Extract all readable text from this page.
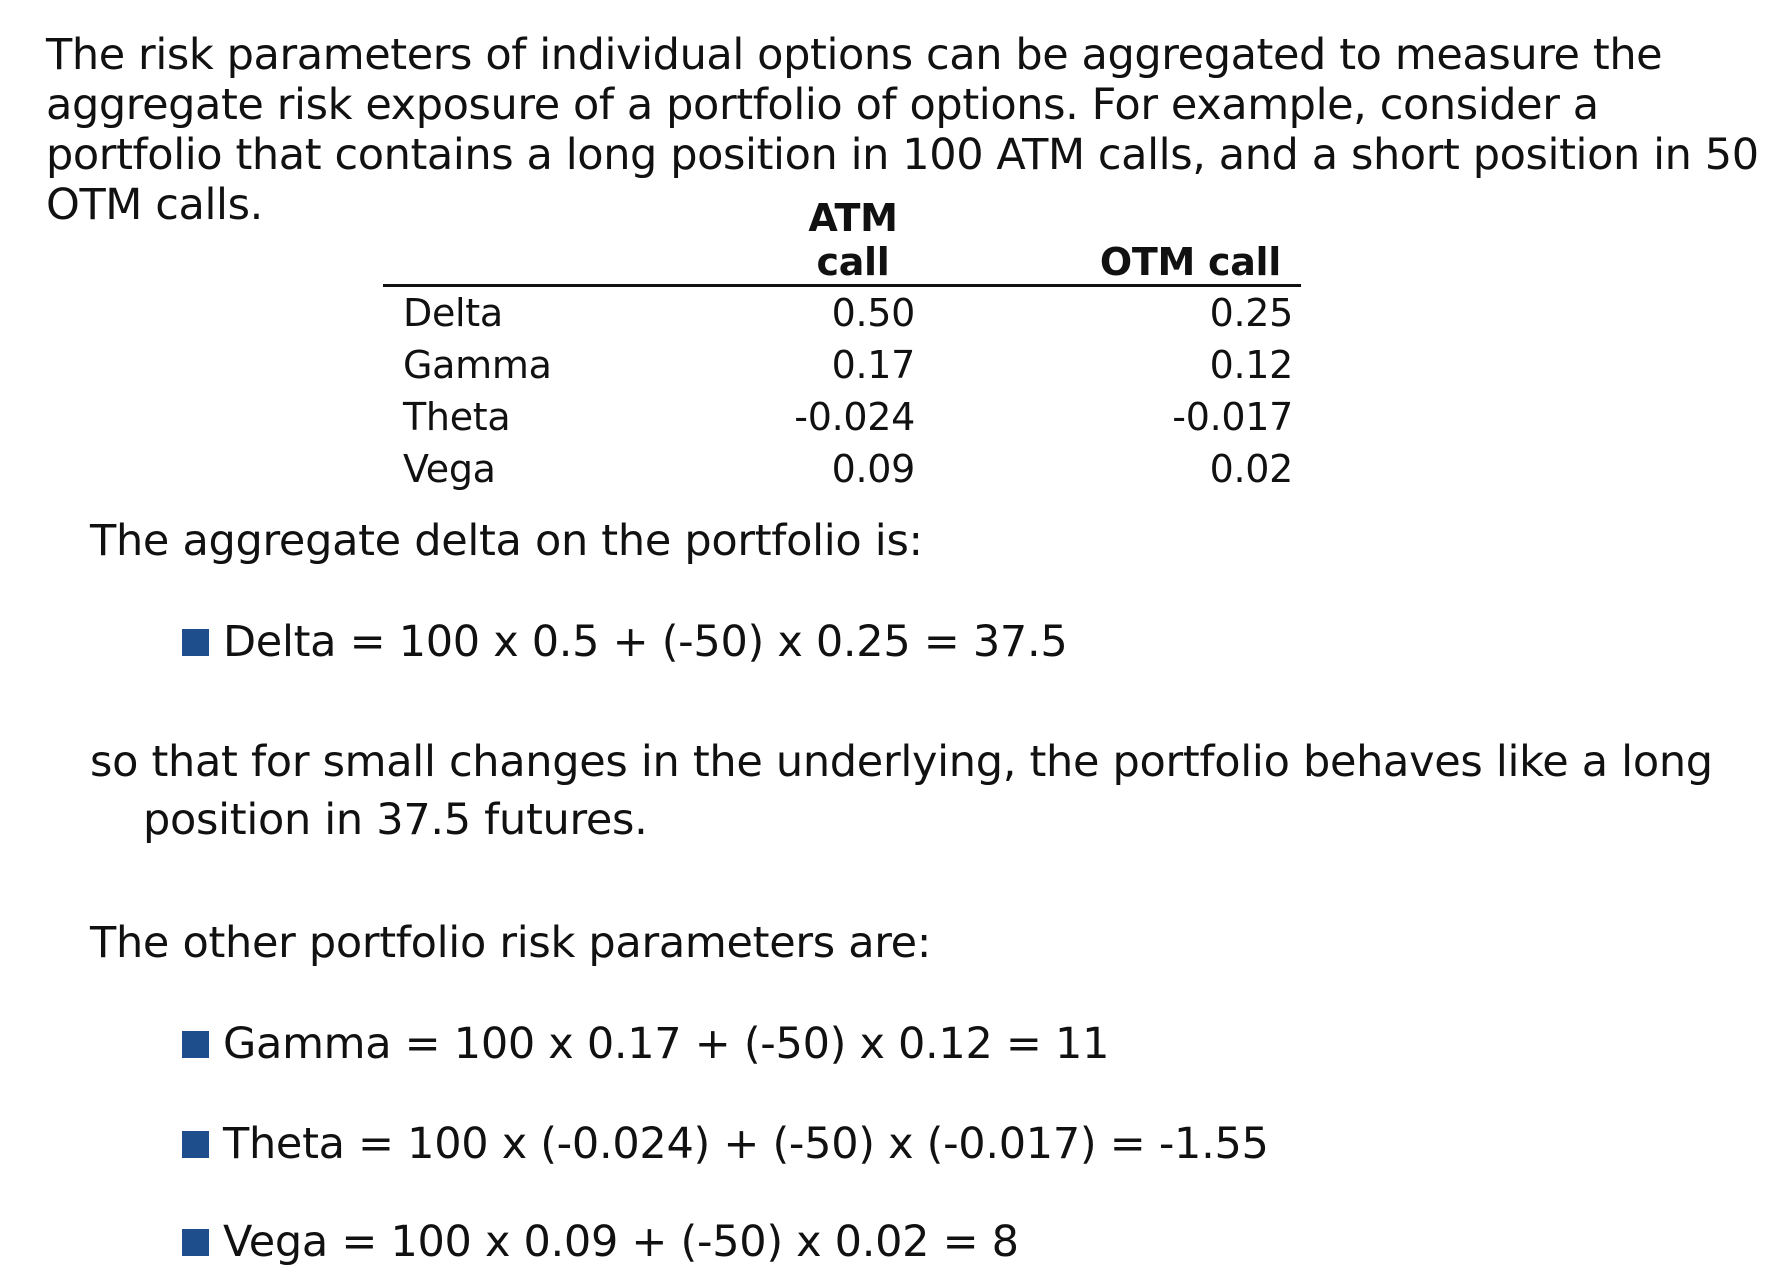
The risk parameters of individual options can be aggregated to measure the
aggregate risk exposure of a portfolio of options. For example, consider a
portfolio that contains a long position in 100 ATM calls, and a short position in 50
OTM calls.
		ATM call	OTM call
Delta	0.50	0.25
Gamma	0.17	0.12
Theta	-0.024	-0.017
Vega	0.09	0.02
The aggregate delta on the portfolio is:
Delta = 100 x 0.5 + (-50) x 0.25 = 37.5
so that for small changes in the underlying, the portfolio behaves like a long position in 37.5 futures.
The other portfolio risk parameters are:
Gamma = 100 x 0.17 + (-50) x 0.12 = 11
Theta = 100 x (-0.024) + (-50) x (-0.017) = -1.55
Vega = 100 x 0.09 + (-50) x 0.02 = 8
